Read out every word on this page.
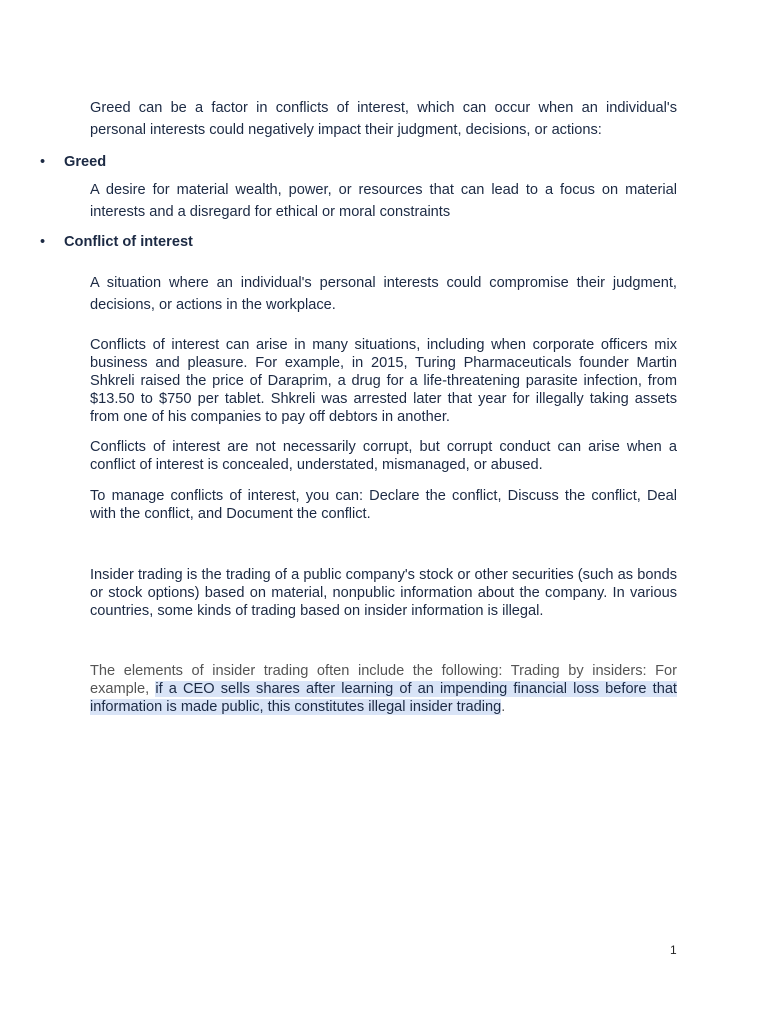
Greed can be a factor in conflicts of interest, which can occur when an individual's personal interests could negatively impact their judgment, decisions, or actions:

• Greed

A desire for material wealth, power, or resources that can lead to a focus on material interests and a disregard for ethical or moral constraints

• Conflict of interest

A situation where an individual's personal interests could compromise their judgment, decisions, or actions in the workplace.

Conflicts of interest can arise in many situations, including when corporate officers mix business and pleasure. For example, in 2015, Turing Pharmaceuticals founder Martin Shkreli raised the price of Daraprim, a drug for a life-threatening parasite infection, from $13.50 to $750 per tablet. Shkreli was arrested later that year for illegally taking assets from one of his companies to pay off debtors in another.

Conflicts of interest are not necessarily corrupt, but corrupt conduct can arise when a conflict of interest is concealed, understated, mismanaged, or abused.

To manage conflicts of interest, you can: Declare the conflict, Discuss the conflict, Deal with the conflict, and Document the conflict.

Insider trading is the trading of a public company's stock or other securities (such as bonds or stock options) based on material, nonpublic information about the company. In various countries, some kinds of trading based on insider information is illegal.

The elements of insider trading often include the following: Trading by insiders: For example, if a CEO sells shares after learning of an impending financial loss before that information is made public, this constitutes illegal insider trading.

1
